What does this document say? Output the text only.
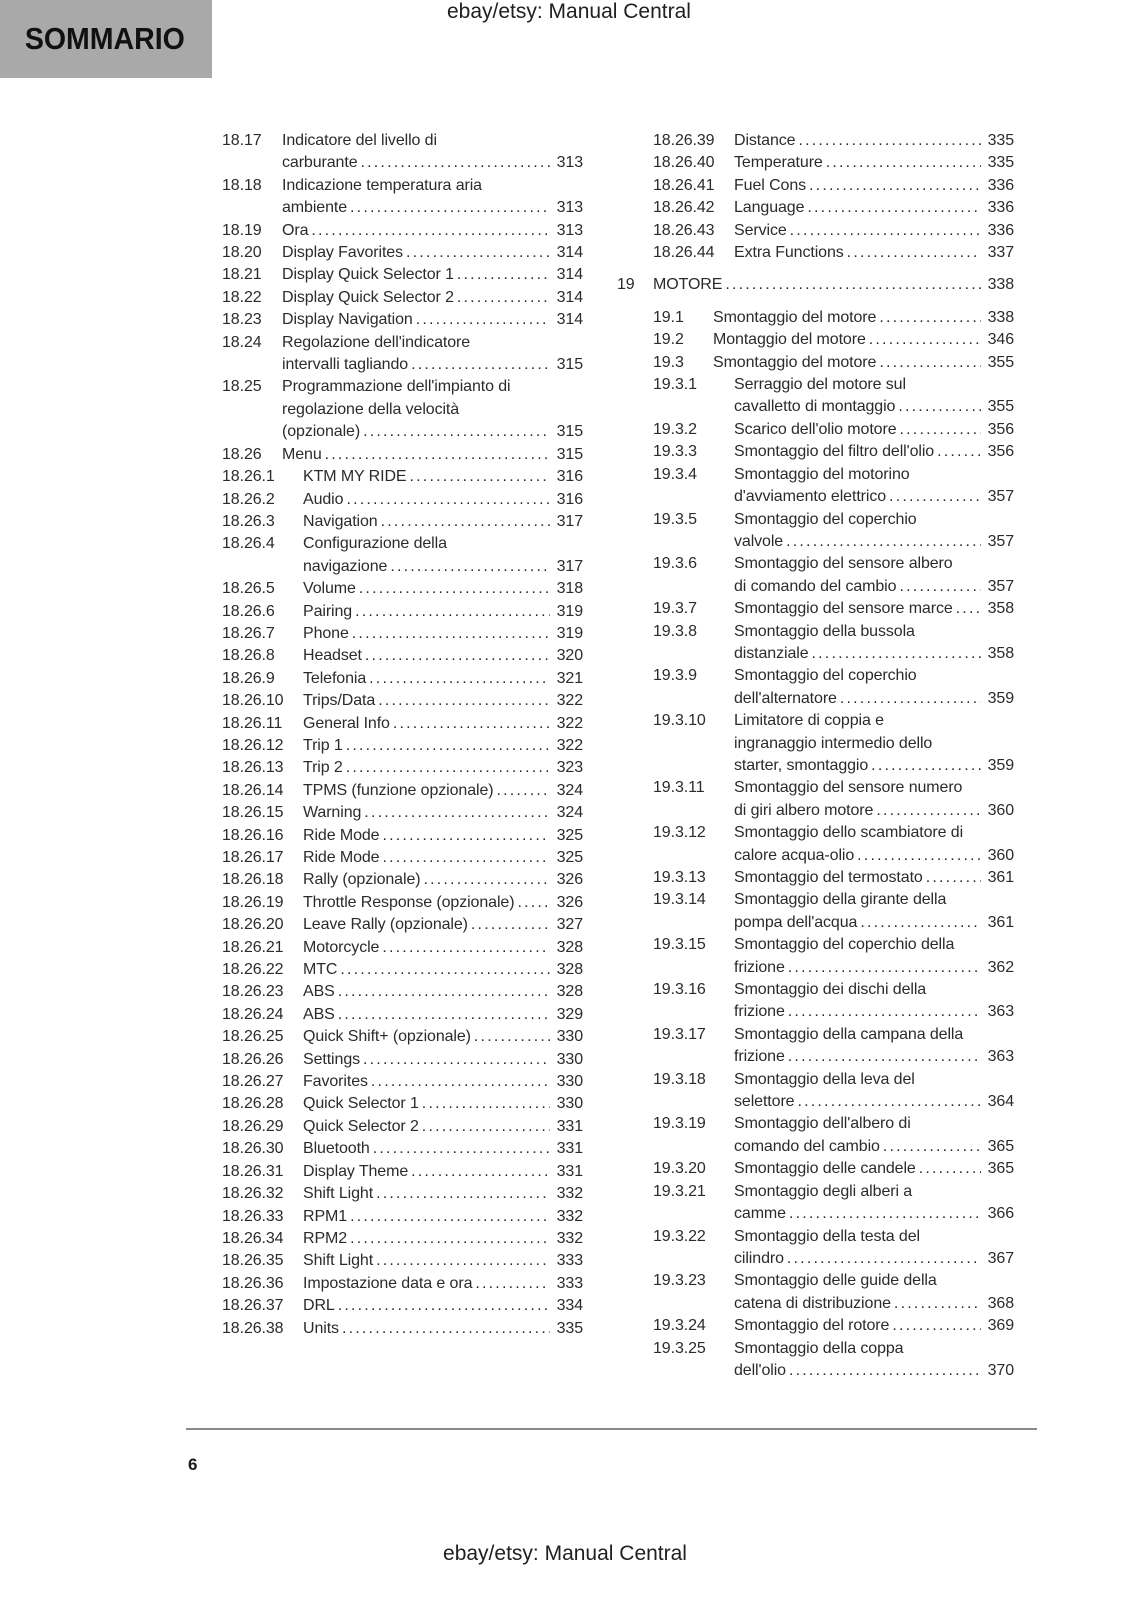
SOMMARIO
ebay/etsy: Manual Central
18.17	Indicatore del livello di
carburante .....	313
18.18	Indicazione temperatura aria
ambiente .....	313
18.19	Ora .....	313
18.20	Display Favorites .....	314
18.21	Display Quick Selector 1 .....	314
18.22	Display Quick Selector 2 .....	314
18.23	Display Navigation .....	314
18.24	Regolazione dell'indicatore
intervalli tagliando .....	315
18.25	Programmazione dell'impianto di
regolazione della velocità
(opzionale) .....	315
18.26	Menu .....	315
18.26.1	KTM MY RIDE .....	316
18.26.2	Audio .....	316
18.26.3	Navigation .....	317
18.26.4	Configurazione della
navigazione .....	317
18.26.5	Volume .....	318
18.26.6	Pairing .....	319
18.26.7	Phone .....	319
18.26.8	Headset .....	320
18.26.9	Telefonia .....	321
18.26.10	Trips/Data .....	322
18.26.11	General Info .....	322
18.26.12	Trip 1 .....	322
18.26.13	Trip 2 .....	323
18.26.14	TPMS (funzione opzionale) .....	324
18.26.15	Warning .....	324
18.26.16	Ride Mode .....	325
18.26.17	Ride Mode .....	325
18.26.18	Rally (opzionale) .....	326
18.26.19	Throttle Response (opzionale) .....	326
18.26.20	Leave Rally (opzionale) .....	327
18.26.21	Motorcycle .....	328
18.26.22	MTC .....	328
18.26.23	ABS .....	328
18.26.24	ABS .....	329
18.26.25	Quick Shift+ (opzionale) .....	330
18.26.26	Settings .....	330
18.26.27	Favorites .....	330
18.26.28	Quick Selector 1 .....	330
18.26.29	Quick Selector 2 .....	331
18.26.30	Bluetooth .....	331
18.26.31	Display Theme .....	331
18.26.32	Shift Light .....	332
18.26.33	RPM1 .....	332
18.26.34	RPM2 .....	332
18.26.35	Shift Light .....	333
18.26.36	Impostazione data e ora .....	333
18.26.37	DRL .....	334
18.26.38	Units .....	335
18.26.39	Distance .....	335
18.26.40	Temperature .....	335
18.26.41	Fuel Cons .....	336
18.26.42	Language .....	336
18.26.43	Service .....	336
18.26.44	Extra Functions .....	337
19	MOTORE .....	338
19.1	Smontaggio del motore .....	338
19.2	Montaggio del motore .....	346
19.3	Smontaggio del motore .....	355
19.3.1	Serraggio del motore sul
cavalletto di montaggio .....	355
19.3.2	Scarico dell'olio motore .....	356
19.3.3	Smontaggio del filtro dell'olio .....	356
19.3.4	Smontaggio del motorino
d'avviamento elettrico .....	357
19.3.5	Smontaggio del coperchio
valvole .....	357
19.3.6	Smontaggio del sensore albero
di comando del cambio .....	357
19.3.7	Smontaggio del sensore marce .....	358
19.3.8	Smontaggio della bussola
distanziale .....	358
19.3.9	Smontaggio del coperchio
dell'alternatore .....	359
19.3.10	Limitatore di coppia e
ingranaggio intermedio dello
starter, smontaggio .....	359
19.3.11	Smontaggio del sensore numero
di giri albero motore .....	360
19.3.12	Smontaggio dello scambiatore di
calore acqua-olio .....	360
19.3.13	Smontaggio del termostato .....	361
19.3.14	Smontaggio della girante della
pompa dell'acqua .....	361
19.3.15	Smontaggio del coperchio della
frizione .....	362
19.3.16	Smontaggio dei dischi della
frizione .....	363
19.3.17	Smontaggio della campana della
frizione .....	363
19.3.18	Smontaggio della leva del
selettore .....	364
19.3.19	Smontaggio dell'albero di
comando del cambio .....	365
19.3.20	Smontaggio delle candele .....	365
19.3.21	Smontaggio degli alberi a
camme .....	366
19.3.22	Smontaggio della testa del
cilindro .....	367
19.3.23	Smontaggio delle guide della
catena di distribuzione .....	368
19.3.24	Smontaggio del rotore .....	369
19.3.25	Smontaggio della coppa
dell'olio .....	370
6
ebay/etsy: Manual Central
